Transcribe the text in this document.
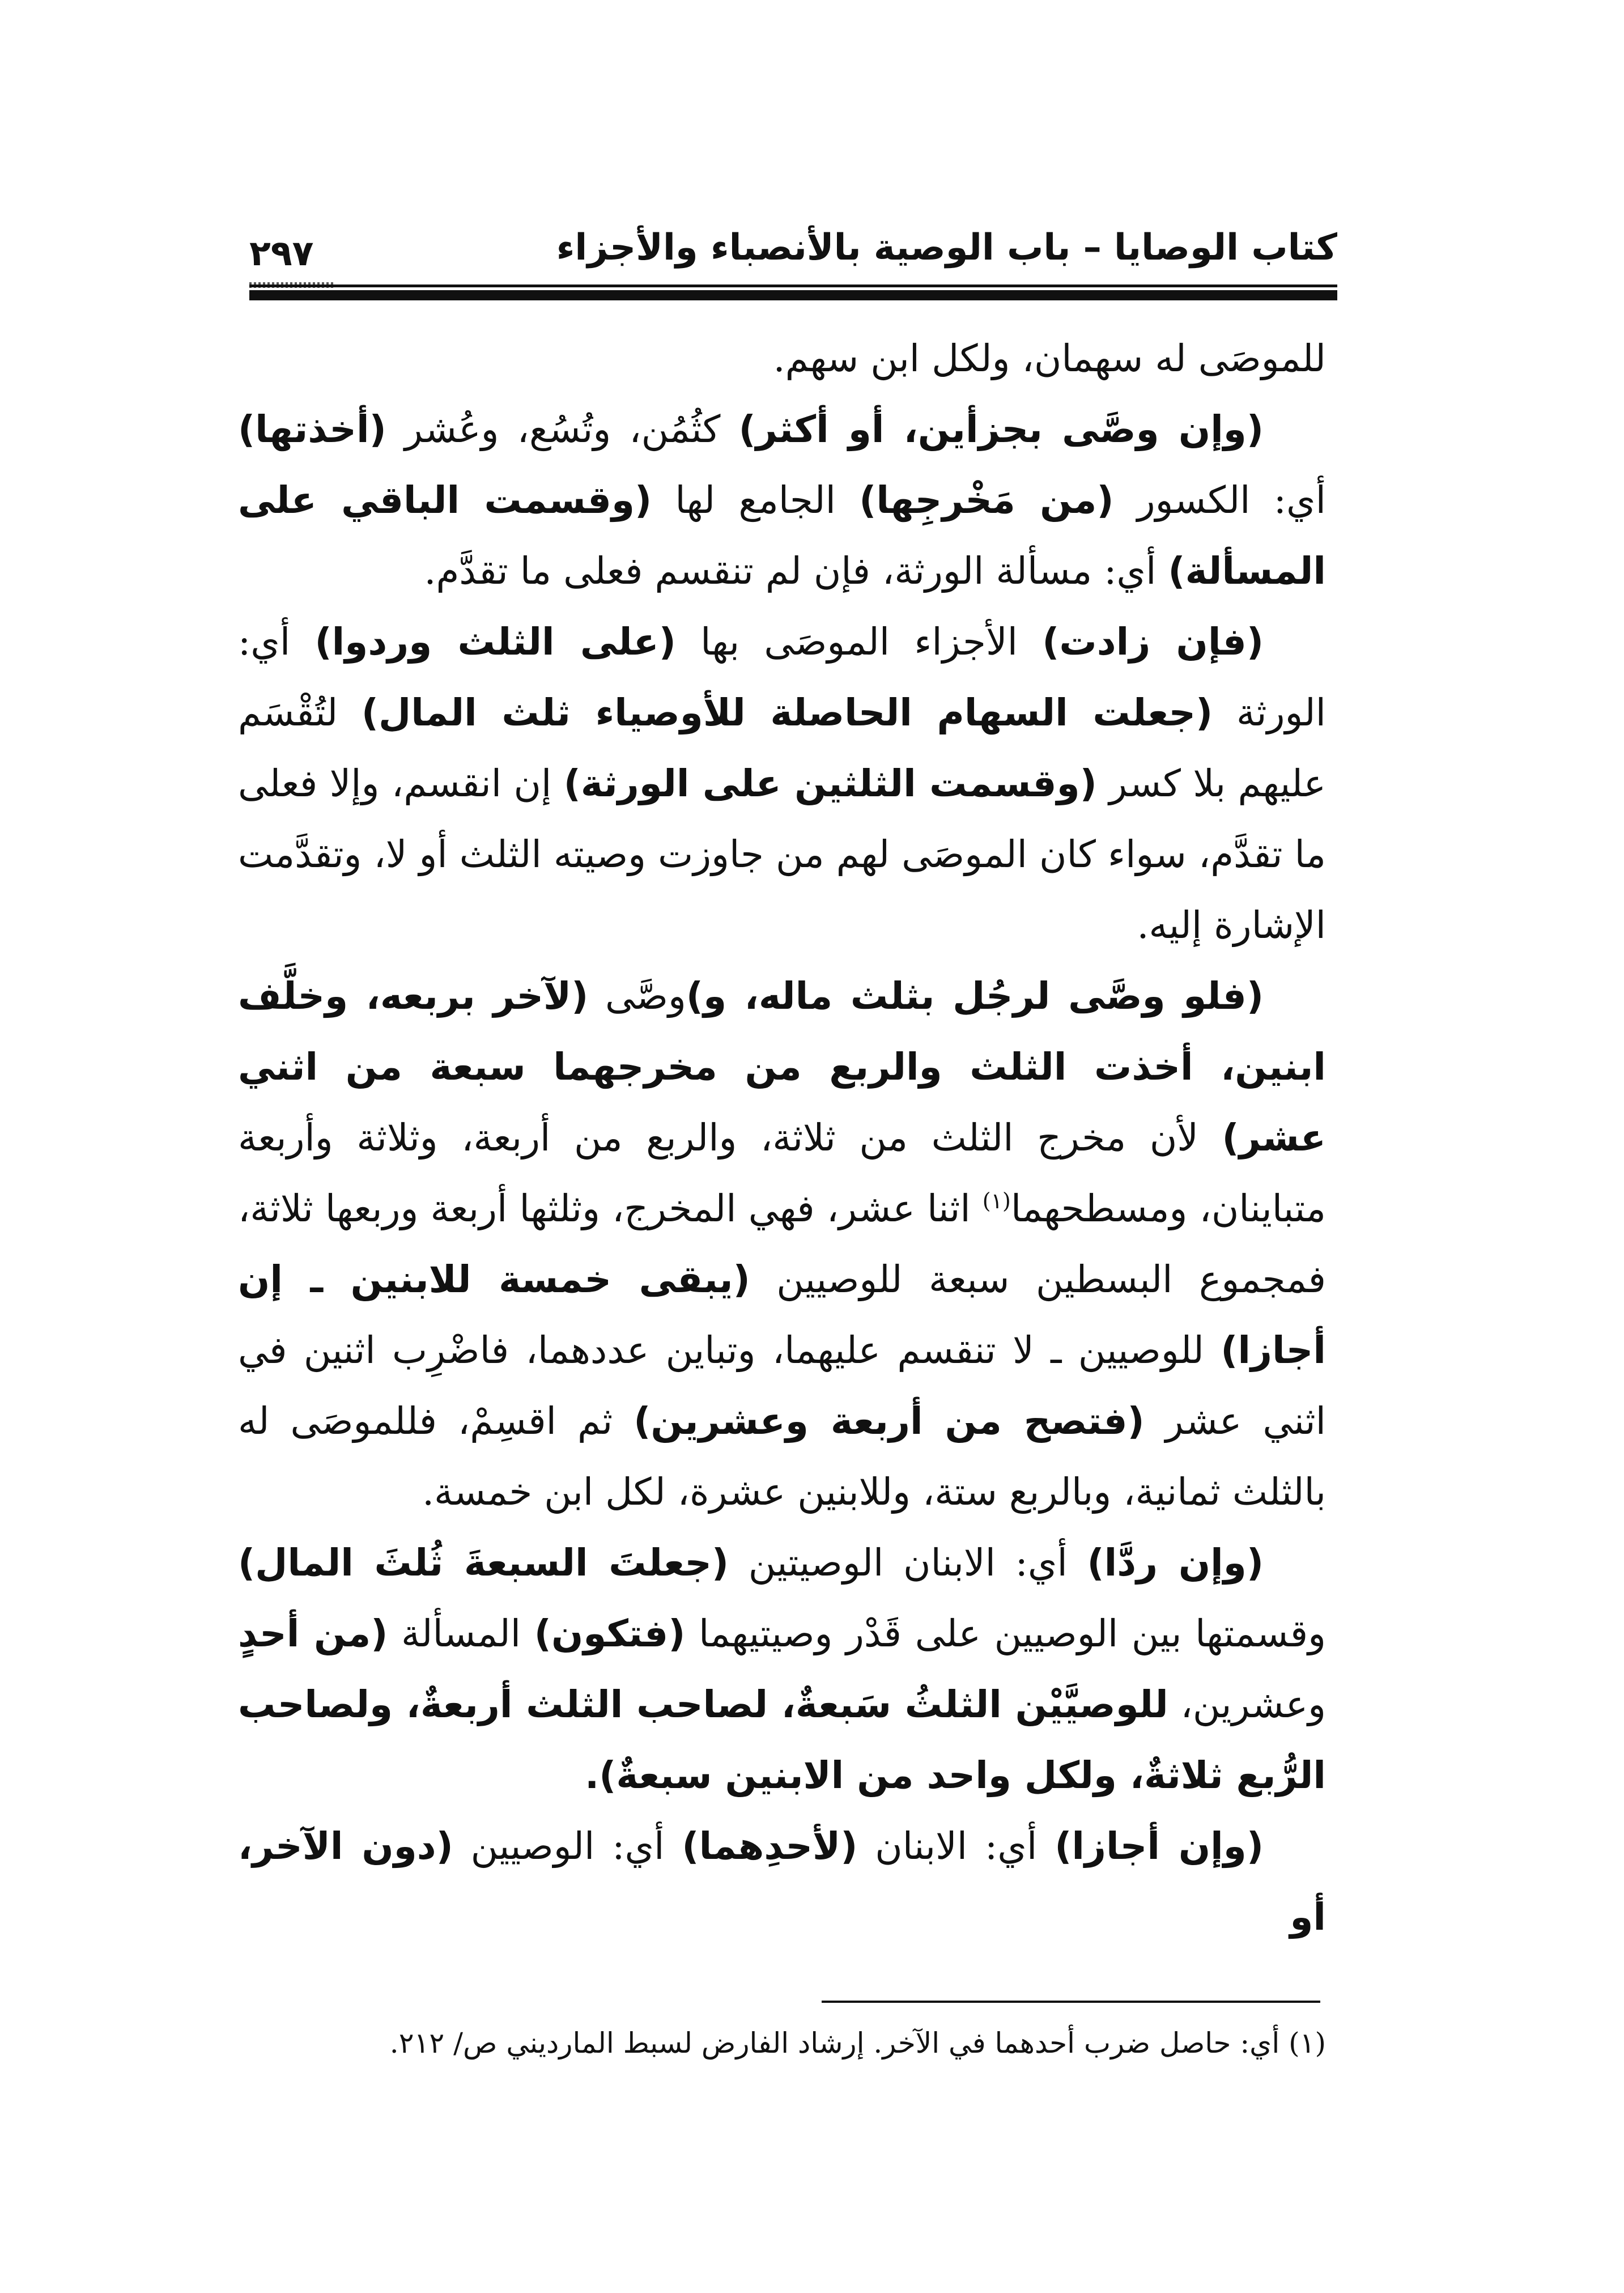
٢٩٧	كتاب الوصايا – باب الوصية بالأنصباء والأجزاء

للموصَى له سهمان، ولكل ابن سهم.

(وإن وصَّى بجزأين، أو أكثر) كثُمُن، وتُسُع، وعُشر (أخذتها) أي: الكسور (من مَخْرجِها) الجامع لها (وقسمت الباقي على المسألة) أي: مسألة الورثة، فإن لم تنقسم فعلى ما تقدَّم.

(فإن زادت) الأجزاء الموصَى بها (على الثلث وردوا) أي: الورثة (جعلت السهام الحاصلة للأوصياء ثلث المال) لتُقْسَم عليهم بلا كسر (وقسمت الثلثين على الورثة) إن انقسم، وإلا فعلى ما تقدَّم، سواء كان الموصَى لهم من جاوزت وصيته الثلث أو لا، وتقدَّمت الإشارة إليه.

(فلو وصَّى لرجُل بثلث ماله، و)وصَّى (لآخر بربعه، وخلَّف ابنين، أخذت الثلث والربع من مخرجهما سبعة من اثني عشر) لأن مخرج الثلث من ثلاثة، والربع من أربعة، وثلاثة وأربعة متباينان، ومسطحهما$^{(١)}$ اثنا عشر، فهي المخرج، وثلثها أربعة وربعها ثلاثة، فمجموع البسطين سبعة للوصيين (يبقى خمسة للابنين ـ إن أجازا) للوصيين ـ لا تنقسم عليهما، وتباين عددهما، فاضْرِب اثنين في اثني عشر (فتصح من أربعة وعشرين) ثم اقسِمْ، فللموصَى له بالثلث ثمانية، وبالربع ستة، وللابنين عشرة، لكل ابن خمسة.

(وإن ردَّا) أي: الابنان الوصيتين (جعلتَ السبعةَ ثُلثَ المال) وقسمتها بين الوصيين على قَدْر وصيتيهما (فتكون) المسألة (من أحدٍ وعشرين، للوصيَّيْن الثلثُ سَبعةٌ، لصاحب الثلث أربعةٌ، ولصاحب الرُّبع ثلاثةٌ، ولكل واحد من الابنين سبعةٌ).

(وإن أجازا) أي: الابنان (لأحدِهما) أي: الوصيين (دون الآخر، أو

(١) أي: حاصل ضرب أحدهما في الآخر. إرشاد الفارض لسبط المارديني ص/ ٢١٢.
